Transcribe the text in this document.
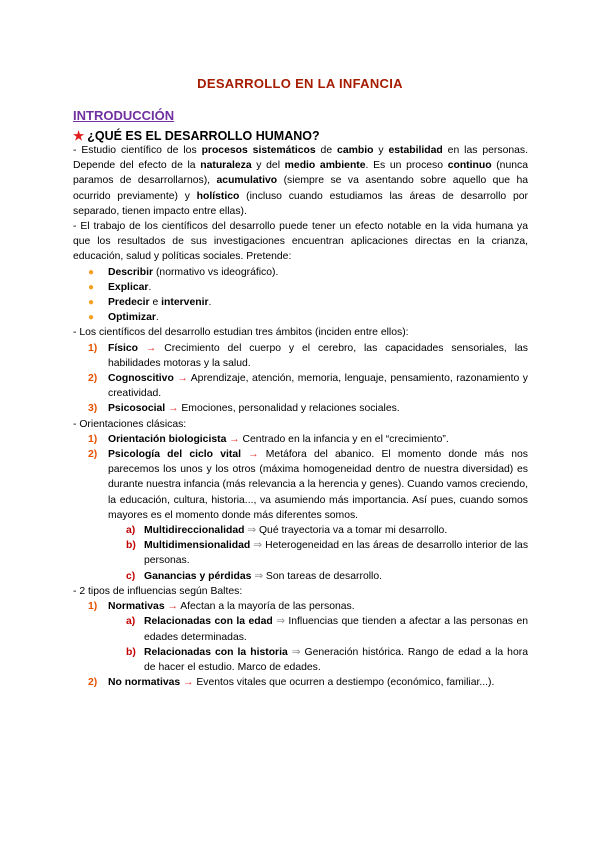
DESARROLLO EN LA INFANCIA
INTRODUCCIÓN
★ ¿QUÉ ES EL DESARROLLO HUMANO?

- Estudio científico de los procesos sistemáticos de cambio y estabilidad en las personas. Depende del efecto de la naturaleza y del medio ambiente. Es un proceso continuo (nunca paramos de desarrollarnos), acumulativo (siempre se va asentando sobre aquello que ha ocurrido previamente) y holístico (incluso cuando estudiamos las áreas de desarrollo por separado, tienen impacto entre ellas).

- El trabajo de los científicos del desarrollo puede tener un efecto notable en la vida humana ya que los resultados de sus investigaciones encuentran aplicaciones directas en la crianza, educación, salud y políticas sociales. Pretende:

● Describir (normativo vs ideográfico).
● Explicar.
● Predecir e intervenir.
● Optimizar.

- Los científicos del desarrollo estudian tres ámbitos (inciden entre ellos):

1) Físico → Crecimiento del cuerpo y el cerebro, las capacidades sensoriales, las habilidades motoras y la salud.
2) Cognoscitivo → Aprendizaje, atención, memoria, lenguaje, pensamiento, razonamiento y creatividad.
3) Psicosocial → Emociones, personalidad y relaciones sociales.

- Orientaciones clásicas:

1) Orientación biologicista → Centrado en la infancia y en el “crecimiento”.
2) Psicología del ciclo vital → Metáfora del abanico. El momento donde más nos parecemos los unos y los otros (máxima homogeneidad dentro de nuestra diversidad) es durante nuestra infancia (más relevancia a la herencia y genes). Cuando vamos creciendo, la educación, cultura, historia..., va asumiendo más importancia. Así pues, cuando somos mayores es el momento donde más diferentes somos.
a) Multidireccionalidad ⇒ Qué trayectoria va a tomar mi desarrollo.
b) Multidimensionalidad ⇒ Heterogeneidad en las áreas de desarrollo interior de las personas.
c) Ganancias y pérdidas ⇒ Son tareas de desarrollo.

- 2 tipos de influencias según Baltes:

1) Normativas → Afectan a la mayoría de las personas.
a) Relacionadas con la edad ⇒ Influencias que tienden a afectar a las personas en edades determinadas.
b) Relacionadas con la historia ⇒ Generación histórica. Rango de edad a la hora de hacer el estudio. Marco de edades.
2) No normativas → Eventos vitales que ocurren a destiempo (económico, familiar...).
